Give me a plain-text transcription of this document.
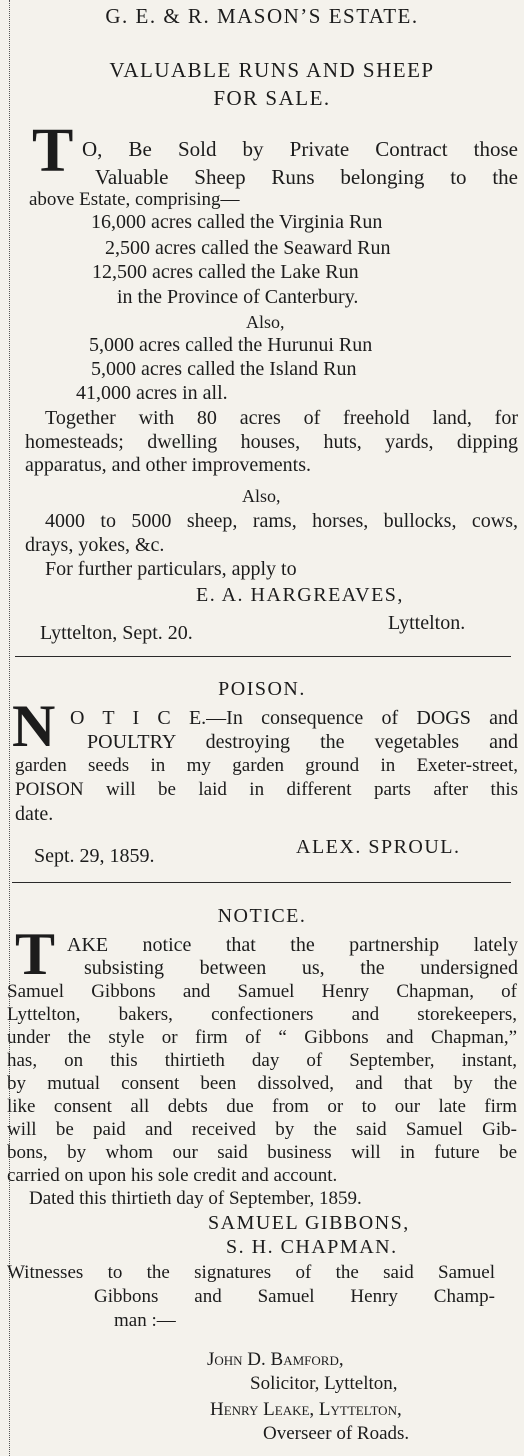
G. E. & R. MASON’S ESTATE.
VALUABLE RUNS AND SHEEP
FOR SALE.
T O, Be Sold by Private Contract those
Valuable Sheep Runs belonging to the
above Estate, comprising—
16,000 acres called the Virginia Run
2,500 acres called the Seaward Run
12,500 acres called the Lake Run
in the Province of Canterbury.
Also,
5,000 acres called the Hurunui Run
5,000 acres called the Island Run
41,000 acres in all.
Together with 80 acres of freehold land, for
homesteads; dwelling houses, huts, yards, dipping
apparatus, and other improvements.
Also,
4000 to 5000 sheep, rams, horses, bullocks, cows,
drays, yokes, &c.
For further particulars, apply to
E. A. HARGREAVES,
Lyttelton.
Lyttelton, Sept. 20.
POISON.
N O T I C E.—In consequence of DOGS and
POULTRY destroying the vegetables and
garden seeds in my garden ground in Exeter-street,
POISON will be laid in different parts after this
date.
ALEX. SPROUL.
Sept. 29, 1859.
NOTICE.
T AKE notice that the partnership lately
subsisting between us, the undersigned
Samuel Gibbons and Samuel Henry Chapman, of
Lyttelton, bakers, confectioners and storekeepers,
under the style or firm of “ Gibbons and Chapman,”
has, on this thirtieth day of September, instant,
by mutual consent been dissolved, and that by the
like consent all debts due from or to our late firm
will be paid and received by the said Samuel Gib-
bons, by whom our said business will in future be
carried on upon his sole credit and account.
Dated this thirtieth day of September, 1859.
SAMUEL GIBBONS,
S. H. CHAPMAN.
Witnesses to the signatures of the said Samuel
Gibbons and Samuel Henry Champ-
man :—
John D. Bamford,
Solicitor, Lyttelton,
Henry Leake, Lyttelton,
Overseer of Roads.
